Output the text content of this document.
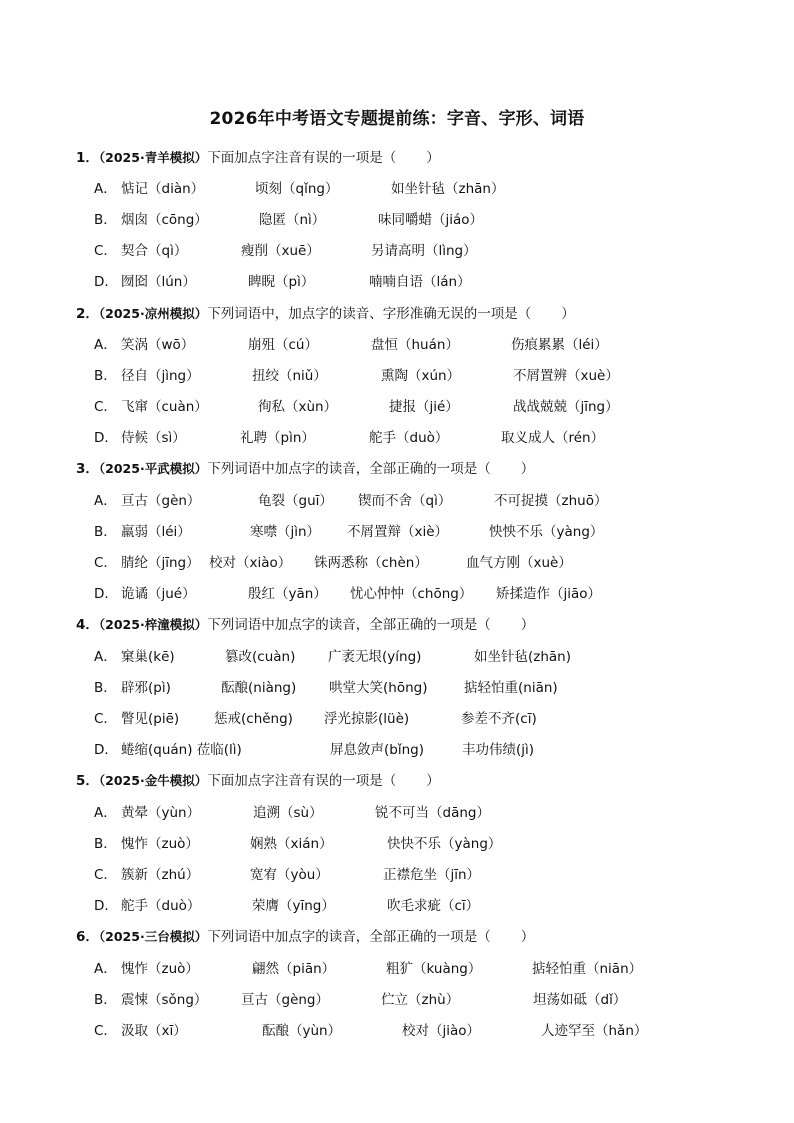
2026年中考语文专题提前练：字音、字形、词语
1．（2025·青羊模拟）下面加点字注音有误的一项是（ ）
A． 惦记（diàn）	顷刻（qǐng）	如坐针毡（zhān）
B． 烟囱（cōng）	隐匿（nì）	味同嚼蜡（jiáo）
C． 契合（qì）	瘦削（xuē）	另请高明（lìng）
D． 囫囵（lún）	睥睨（pì）	喃喃自语（lán）
2．（2025·凉州模拟）下列词语中，加点字的读音、字形准确无误的一项是（ ）
A． 笑涡（wō）	崩殂（cú）	盘恒（huán）	伤痕累累（léi）
B． 径自（jìng）	扭绞（niǔ）	熏陶（xún）	不屑置辨（xuè）
C． 飞窜（cuàn）	徇私（xùn）	捷报（jié）	战战兢兢（jīng）
D． 侍候（sì）	礼聘（pìn）	舵手（duò）	取义成人（rén）
3．（2025·平武模拟）下列词语中加点字的读音，全部正确的一项是（ ）
A． 亘古（gèn）	龟裂（guī） 锲而不舍（qì）	不可捉摸（zhuō）
B． 羸弱（léi）	寒噤（jìn） 不屑置辩（xiè）	怏怏不乐（yàng）
C． 腈纶（jīng） 校对（xiào） 铢两悉称（chèn）	血气方刚（xuè）
D． 诡谲（jué）	殷红（yān） 忧心忡忡（chōng） 矫揉造作（jiāo）
4．（2025·梓潼模拟）下列词语中加点字的读音，全部正确的一项是（ ）
A． 窠巢(kē)	篡改(cuàn) 广袤无垠(yíng)	如坐针毡(zhān)
B． 辟邪(pì)	酝酿(niàng) 哄堂大笑(hōng)	掂轻怕重(niān)
C． 瞥见(piē)	惩戒(chěng) 浮光掠影(lüè)	参差不齐(cī)
D． 蜷缩(quán) 莅临(lì)	屏息敛声(bǐng)	丰功伟绩(jì)
5．（2025·金牛模拟）下面加点字注音有误的一项是（ ）
A． 黄晕（yùn）	追溯（sù）	锐不可当（dāng）
B． 愧怍（zuò）	娴熟（xián）	快快不乐（yàng）
C． 簇新（zhú）	宽宥（yòu）	正襟危坐（jīn）
D． 舵手（duò）	荣膺（yīng）	吹毛求疵（cī）
6．（2025·三台模拟）下列词语中加点字的读音，全部正确的一项是（ ）
A． 愧怍（zuò）	翩然（piān）	粗犷（kuàng）	掂轻怕重（niān）
B． 震悚（sǒng） 亘古（gèng）	伫立（zhù）	坦荡如砥（dǐ）
C． 汲取（xī）	酝酿（yùn）	校对（jiào）	人迹罕至（hǎn）
